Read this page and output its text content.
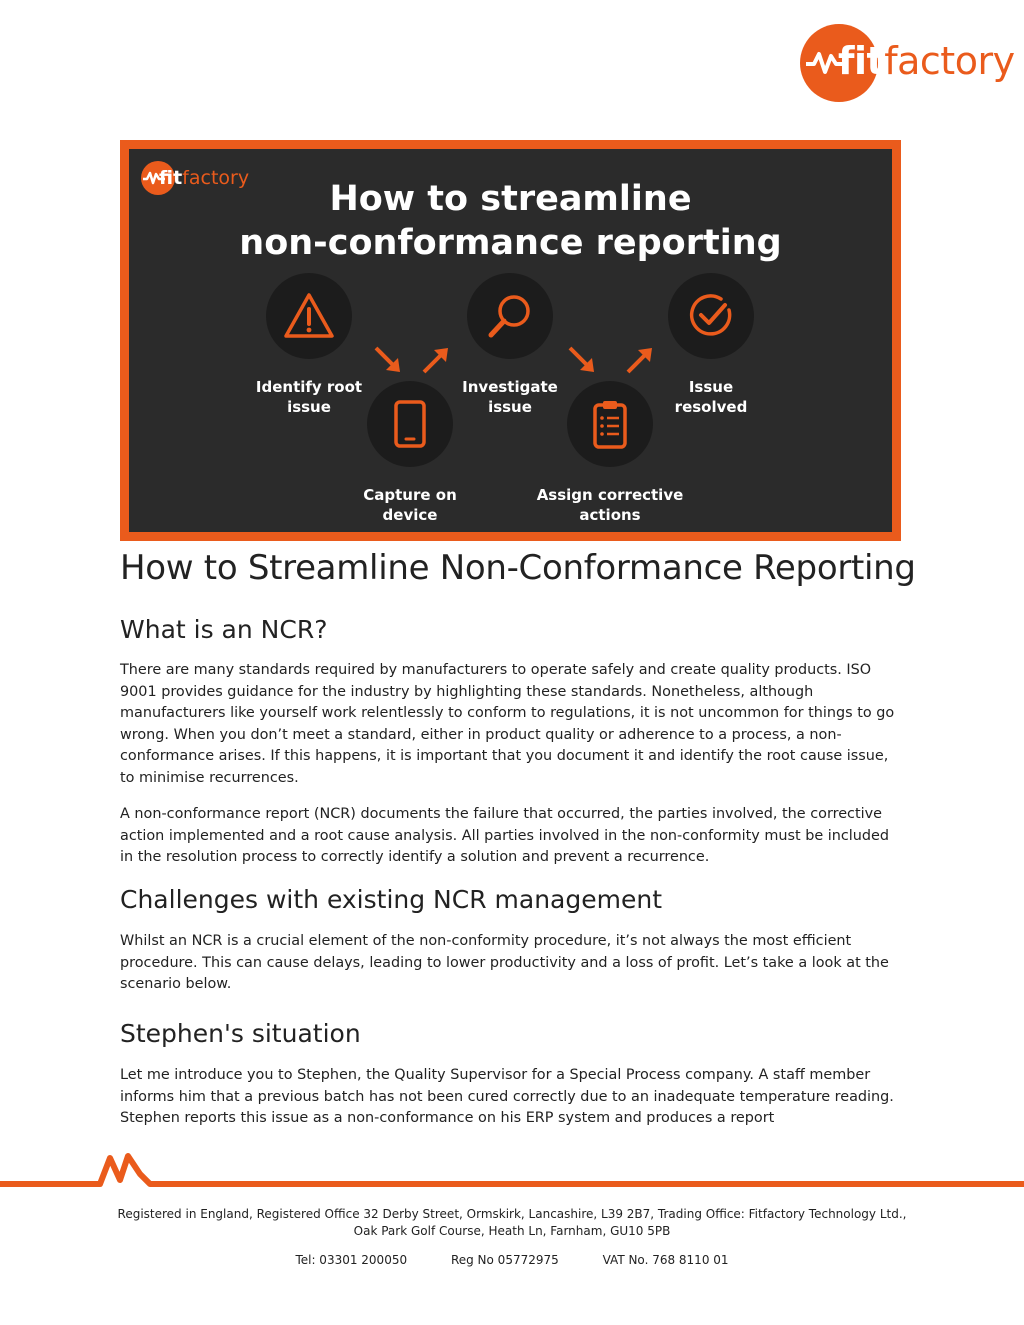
fitfactory
fitfactory
How to streamline
non-conformance reporting
Identify root
issue
Capture on
device
Investigate
issue
Assign corrective
actions
Issue
resolved
How to Streamline Non-Conformance Reporting
What is an NCR?

There are many standards required by manufacturers to operate safely and create quality products. ISO 9001 provides guidance for the industry by highlighting these standards. Nonetheless, although manufacturers like yourself work relentlessly to conform to regulations, it is not uncommon for things to go wrong. When you don’t meet a standard, either in product quality or adherence to a process, a non-conformance arises. If this happens, it is important that you document it and identify the root cause issue, to minimise recurrences.

A non-conformance report (NCR) documents the failure that occurred, the parties involved, the corrective action implemented and a root cause analysis. All parties involved in the non-conformity must be included in the resolution process to correctly identify a solution and prevent a recurrence.

Challenges with existing NCR management

Whilst an NCR is a crucial element of the non-conformity procedure, it’s not always the most efficient procedure. This can cause delays, leading to lower productivity and a loss of profit. Let’s take a look at the scenario below.

Stephen's situation

Let me introduce you to Stephen, the Quality Supervisor for a Special Process company. A staff member informs him that a previous batch has not been cured correctly due to an inadequate temperature reading. Stephen reports this issue as a non-conformance on his ERP system and produces a report

Registered in England, Registered Office 32 Derby Street, Ormskirk, Lancashire, L39 2B7, Trading Office: Fitfactory Technology Ltd.,
Oak Park Golf Course, Heath Ln, Farnham, GU10 5PB
Tel: 03301 200050	Reg No 05772975	VAT No. 768 8110 01
